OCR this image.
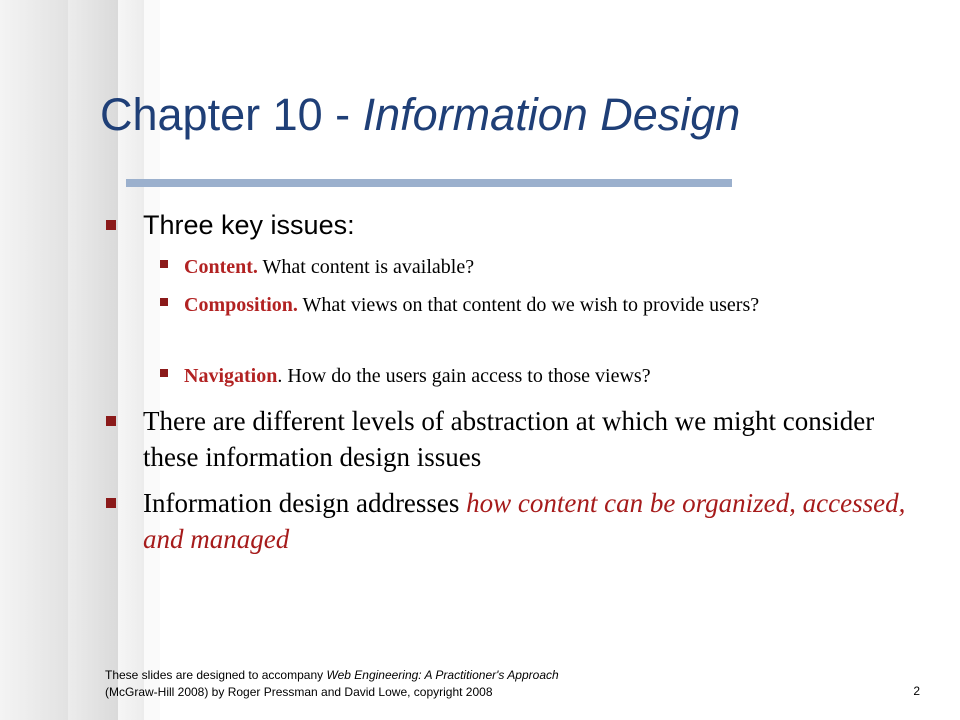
Chapter 10 - Information Design
Three key issues:
Content. What content is available?
Composition. What views on that content do we wish to provide users?
Navigation. How do the users gain access to those views?
There are different levels of abstraction at which we might consider these information design issues
Information design addresses how content can be organized, accessed, and managed
These slides are designed to accompany Web Engineering: A Practitioner's Approach
(McGraw-Hill 2008) by Roger Pressman and David Lowe, copyright 2008	2
